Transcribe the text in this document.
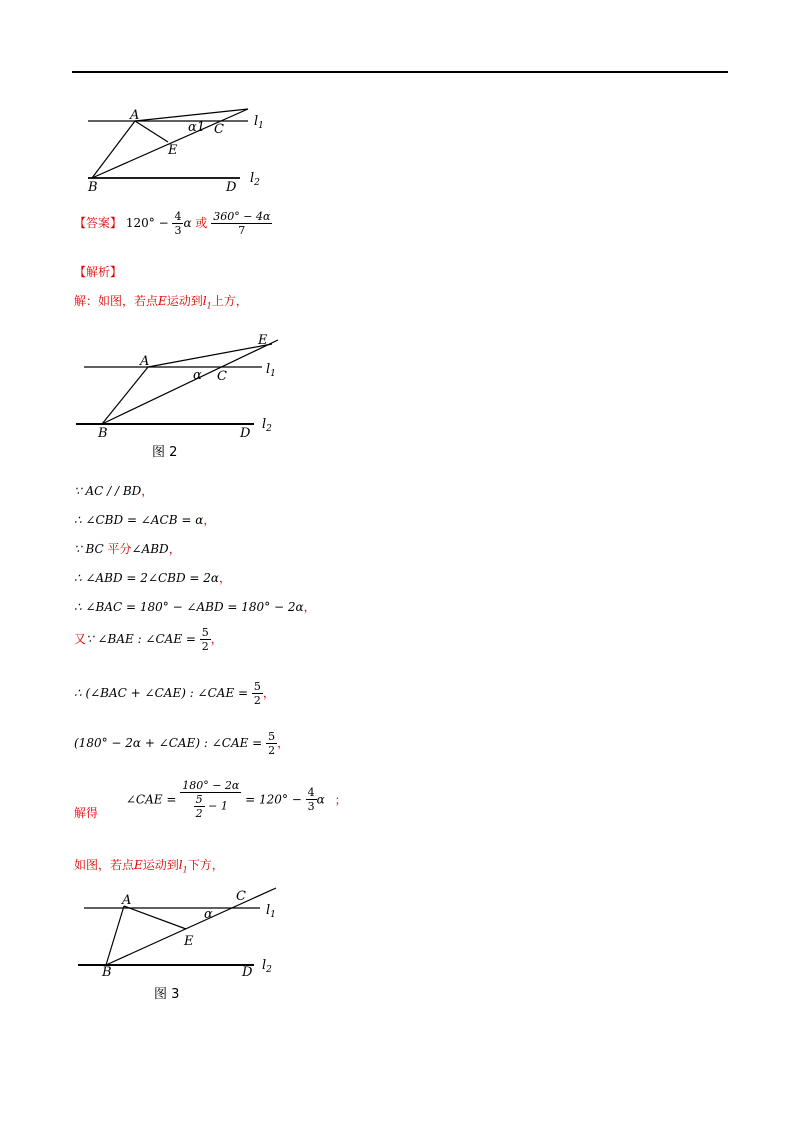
A
C
E
B	D
α1	$l_1$
$l_2$
【答案】 $120^\circ - \frac{4}{3}$ α 或 $\frac{360^\circ - 4\alpha}{7}$
【解析】
解：如图，若点E运动到$l_1$上方，
A
E
C
α
B	D
$l_1$
$l_2$
图 2
∵ AC / / BD，
∴ ∠CBD = ∠ACB = α，
∵ BC 平分∠ABD，
∴ ∠ABD = 2∠CBD = 2α，
∴ ∠BAC = 180° − ∠ABD = 180° − 2α，
又∵ ∠BAE : ∠CAE = $\frac{5}{2}$ ，
∴ (∠BAC + ∠CAE) : ∠CAE = $\frac{5}{2}$ ，
(180° − 2α + ∠CAE) : ∠CAE = $\frac{5}{2}$ ，
解得 ∠CAE = $\frac{180^\circ - 2\alpha}{\frac{5}{2} - 1} = 120^\circ - \frac{4}{3}$ α ；
如图，若点E运动到$l_1$下方，
A	C
α
E
B	D
$l_1$
$l_2$
图 3
